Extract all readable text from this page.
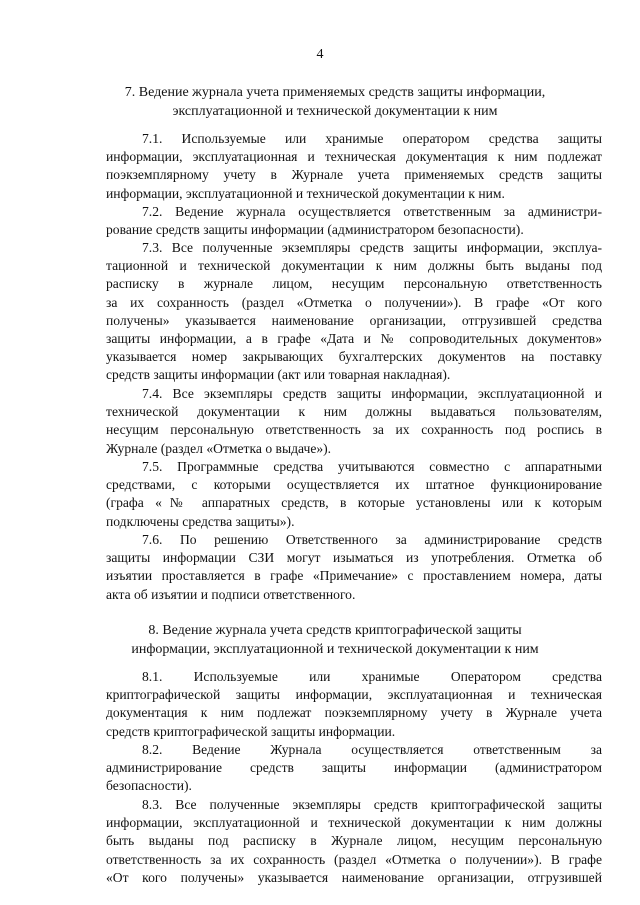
4
7. Ведение журнала учета применяемых средств защиты информации,
эксплуатационной и технической документации к ним
7.1. Используемые или хранимые оператором средства защиты
информации, эксплуатационная и техническая документация к ним подлежат
поэкземплярному учету в Журнале учета применяемых средств защиты
информации, эксплуатационной и технической документации к ним.
7.2. Ведение журнала осуществляется ответственным за администри-
рование средств защиты информации (администратором безопасности).
7.3. Все полученные экземпляры средств защиты информации, эксплуа-
тационной и технической документации к ним должны быть выданы под
расписку в журнале лицом, несущим персональную ответственность
за их сохранность (раздел «Отметка о получении»). В графе «От кого
получены» указывается наименование организации, отгрузившей средства
защиты информации, а в графе «Дата и № сопроводительных документов»
указывается номер закрывающих бухгалтерских документов на поставку
средств защиты информации (акт или товарная накладная).
7.4. Все экземпляры средств защиты информации, эксплуатационной и
технической документации к ним должны выдаваться пользователям,
несущим персональную ответственность за их сохранность под роспись в
Журнале (раздел «Отметка о выдаче»).
7.5. Программные средства учитываются совместно с аппаратными
средствами, с которыми осуществляется их штатное функционирование
(графа «№ аппаратных средств, в которые установлены или к которым
подключены средства защиты»).
7.6. По решению Ответственного за администрирование средств
защиты информации СЗИ могут изыматься из употребления. Отметка об
изъятии проставляется в графе «Примечание» с проставлением номера, даты
акта об изъятии и подписи ответственного.
8. Ведение журнала учета средств криптографической защиты
информации, эксплуатационной и технической документации к ним
8.1. Используемые или хранимые Оператором средства
криптографической защиты информации, эксплуатационная и техническая
документация к ним подлежат поэкземплярному учету в Журнале учета
средств криптографической защиты информации.
8.2. Ведение Журнала осуществляется ответственным за
администрирование средств защиты информации (администратором
безопасности).
8.3. Все полученные экземпляры средств криптографической защиты
информации, эксплуатационной и технической документации к ним должны
быть выданы под расписку в Журнале лицом, несущим персональную
ответственность за их сохранность (раздел «Отметка о получении»). В графе
«От кого получены» указывается наименование организации, отгрузившей
